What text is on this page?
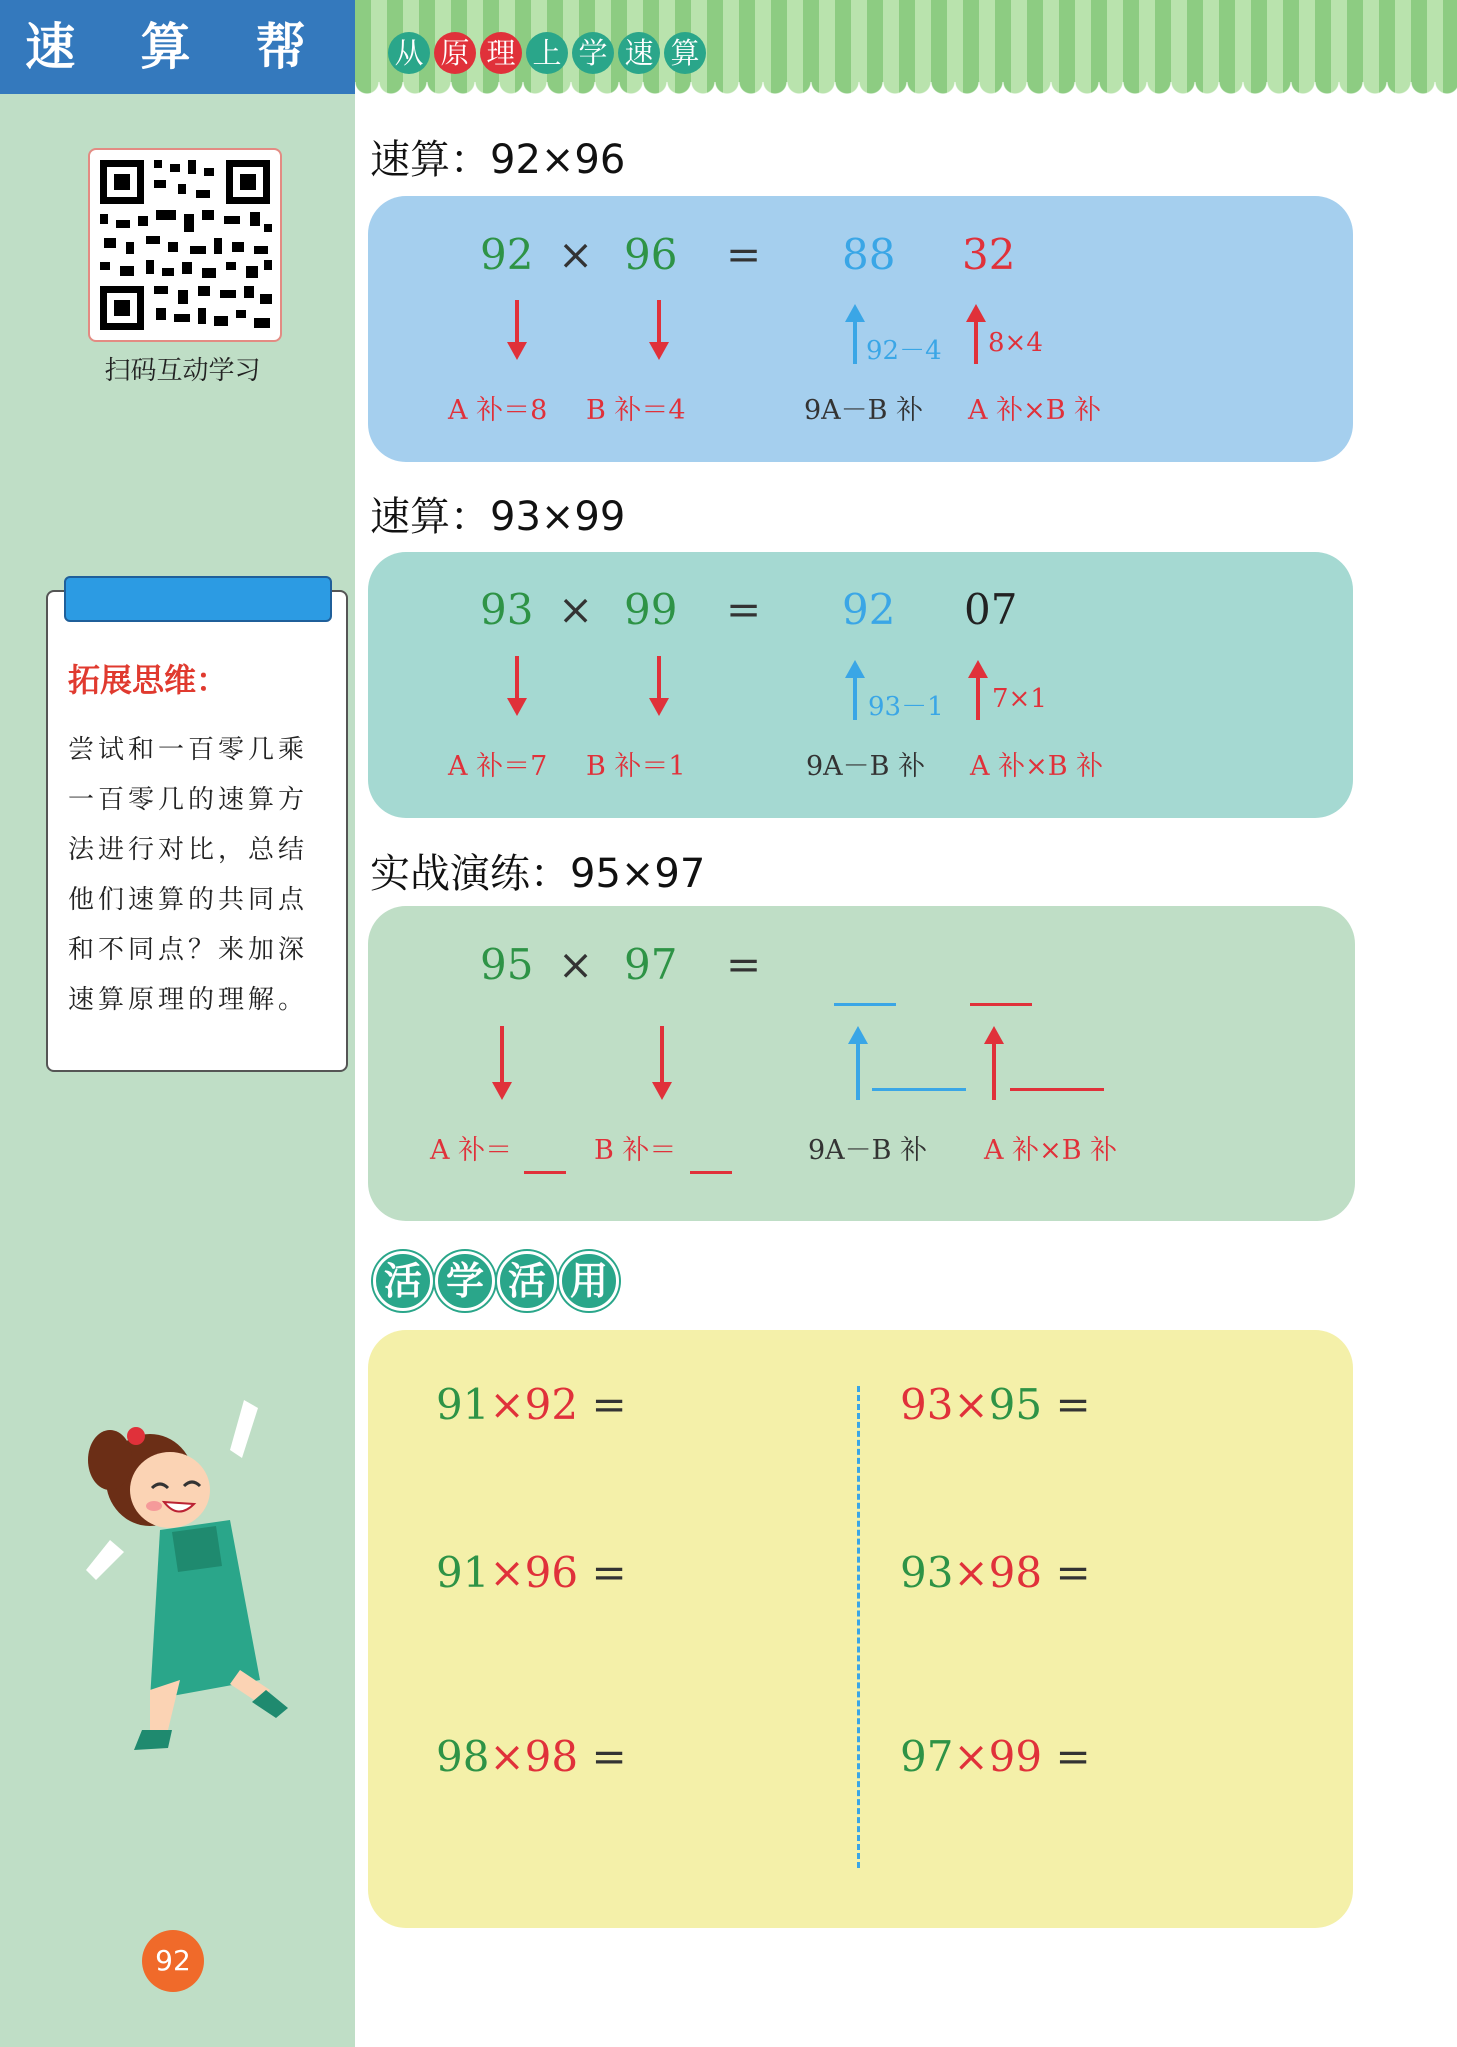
速 算 帮	从 原 理 上 学 速 算
扫码互动学习
拓展思维：
尝试和一百零几乘一百零几的速算方法进行对比，总结他们速算的共同点和不同点？来加深速算原理的理解。
92
速算：92×96
92 × 96 = 88 32
92－4 8×4
A 补＝8 B 补＝4	9A－B 补 A 补×B 补
速算：93×99
93 × 99 = 92 07
93－1 7×1
A 补＝7 B 补＝1	9A－B 补 A 补×B 补
实战演练：95×97
95 × 97 =
A 补＝	B 补＝	9A－B 补 A 补×B 补
活 学 活 用
91×92 =	93×95 =
91×96 =	93×98 =
98×98 =	97×99 =
